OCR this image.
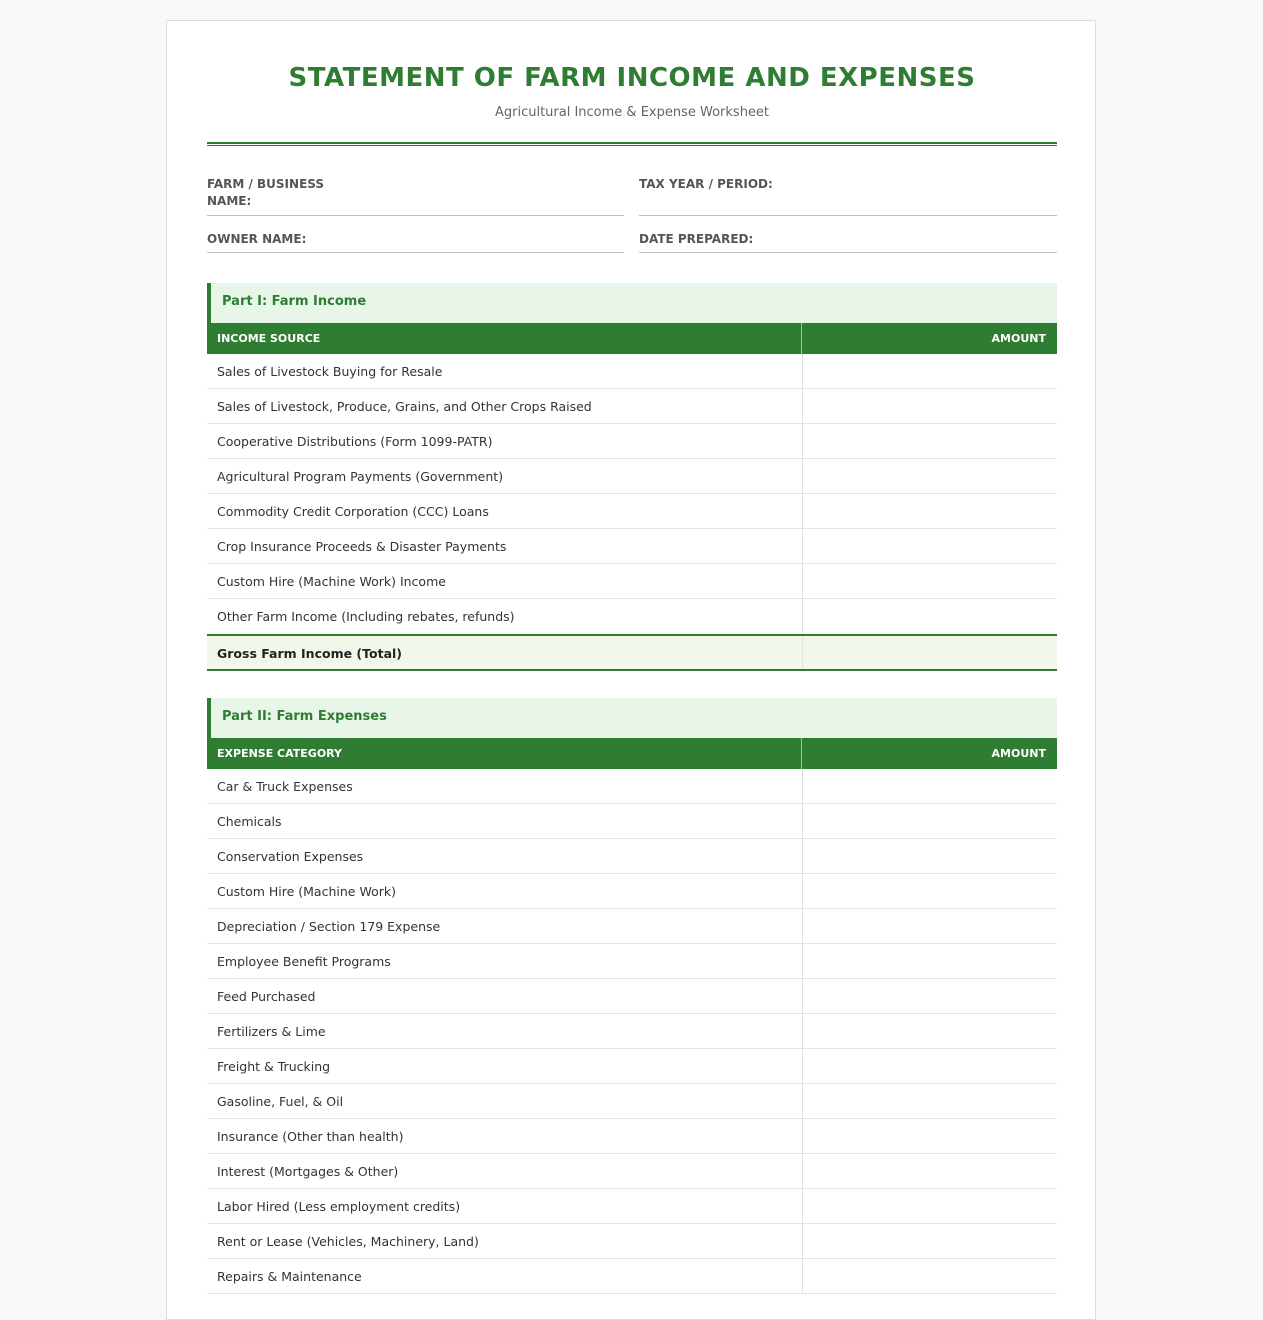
STATEMENT OF FARM INCOME AND EXPENSES
Agricultural Income & Expense Worksheet
FARM / BUSINESS
NAME:
TAX YEAR / PERIOD:
OWNER NAME:	DATE PREPARED:
Part I: Farm Income
INCOME SOURCE	AMOUNT
Sales of Livestock Buying for Resale
Sales of Livestock, Produce, Grains, and Other Crops Raised
Cooperative Distributions (Form 1099-PATR)
Agricultural Program Payments (Government)
Commodity Credit Corporation (CCC) Loans
Crop Insurance Proceeds & Disaster Payments
Custom Hire (Machine Work) Income
Other Farm Income (Including rebates, refunds)
Gross Farm Income (Total)
Part II: Farm Expenses
EXPENSE CATEGORY	AMOUNT
Car & Truck Expenses
Chemicals
Conservation Expenses
Custom Hire (Machine Work)
Depreciation / Section 179 Expense
Employee Benefit Programs
Feed Purchased
Fertilizers & Lime
Freight & Trucking
Gasoline, Fuel, & Oil
Insurance (Other than health)
Interest (Mortgages & Other)
Labor Hired (Less employment credits)
Rent or Lease (Vehicles, Machinery, Land)
Repairs & Maintenance
